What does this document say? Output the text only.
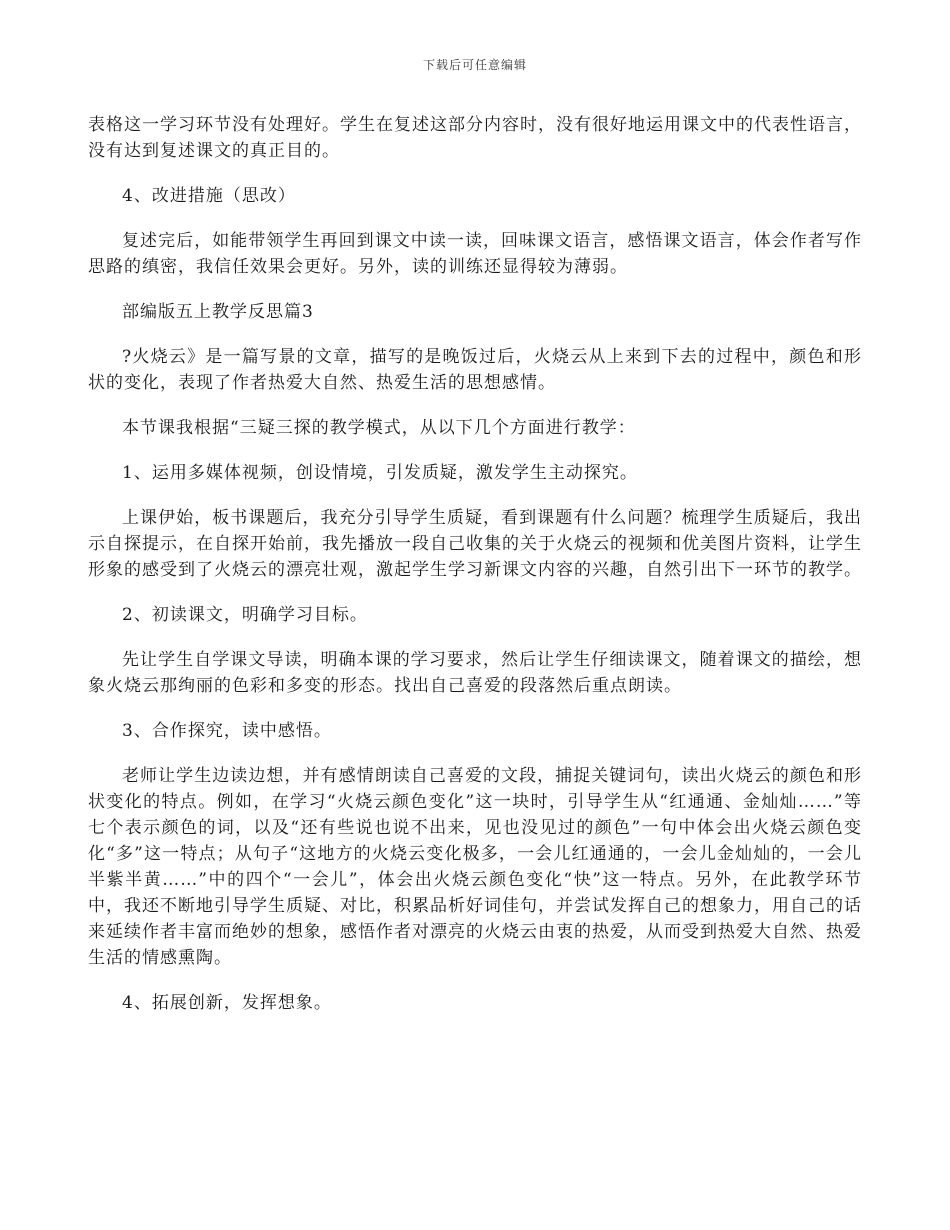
下载后可任意编辑

表格这一学习环节没有处理好。学生在复述这部分内容时，没有很好地运用课文中的代表性语言，没有达到复述课文的真正目的。

4、改进措施（思改）

复述完后，如能带领学生再回到课文中读一读，回味课文语言，感悟课文语言，体会作者写作思路的缜密，我信任效果会更好。另外，读的训练还显得较为薄弱。

部编版五上教学反思篇3

?火烧云》是一篇写景的文章，描写的是晚饭过后，火烧云从上来到下去的过程中，颜色和形状的变化，表现了作者热爱大自然、热爱生活的思想感情。

本节课我根据“三疑三探的教学模式，从以下几个方面进行教学：

1、运用多媒体视频，创设情境，引发质疑，激发学生主动探究。

上课伊始，板书课题后，我充分引导学生质疑，看到课题有什么问题？梳理学生质疑后，我出示自探提示，在自探开始前，我先播放一段自己收集的关于火烧云的视频和优美图片资料，让学生形象的感受到了火烧云的漂亮壮观，激起学生学习新课文内容的兴趣，自然引出下一环节的教学。

2、初读课文，明确学习目标。

先让学生自学课文导读，明确本课的学习要求，然后让学生仔细读课文，随着课文的描绘，想象火烧云那绚丽的色彩和多变的形态。找出自己喜爱的段落然后重点朗读。

3、合作探究，读中感悟。

老师让学生边读边想，并有感情朗读自己喜爱的文段，捕捉关键词句，读出火烧云的颜色和形状变化的特点。例如，在学习“火烧云颜色变化”这一块时，引导学生从“红通通、金灿灿……”等七个表示颜色的词，以及“还有些说也说不出来，见也没见过的颜色”一句中体会出火烧云颜色变化“多”这一特点；从句子“这地方的火烧云变化极多，一会儿红通通的，一会儿金灿灿的，一会儿半紫半黄……”中的四个“一会儿”，体会出火烧云颜色变化“快”这一特点。另外，在此教学环节中，我还不断地引导学生质疑、对比，积累品析好词佳句，并尝试发挥自己的想象力，用自己的话来延续作者丰富而绝妙的想象，感悟作者对漂亮的火烧云由衷的热爱，从而受到热爱大自然、热爱生活的情感熏陶。

4、拓展创新，发挥想象。
